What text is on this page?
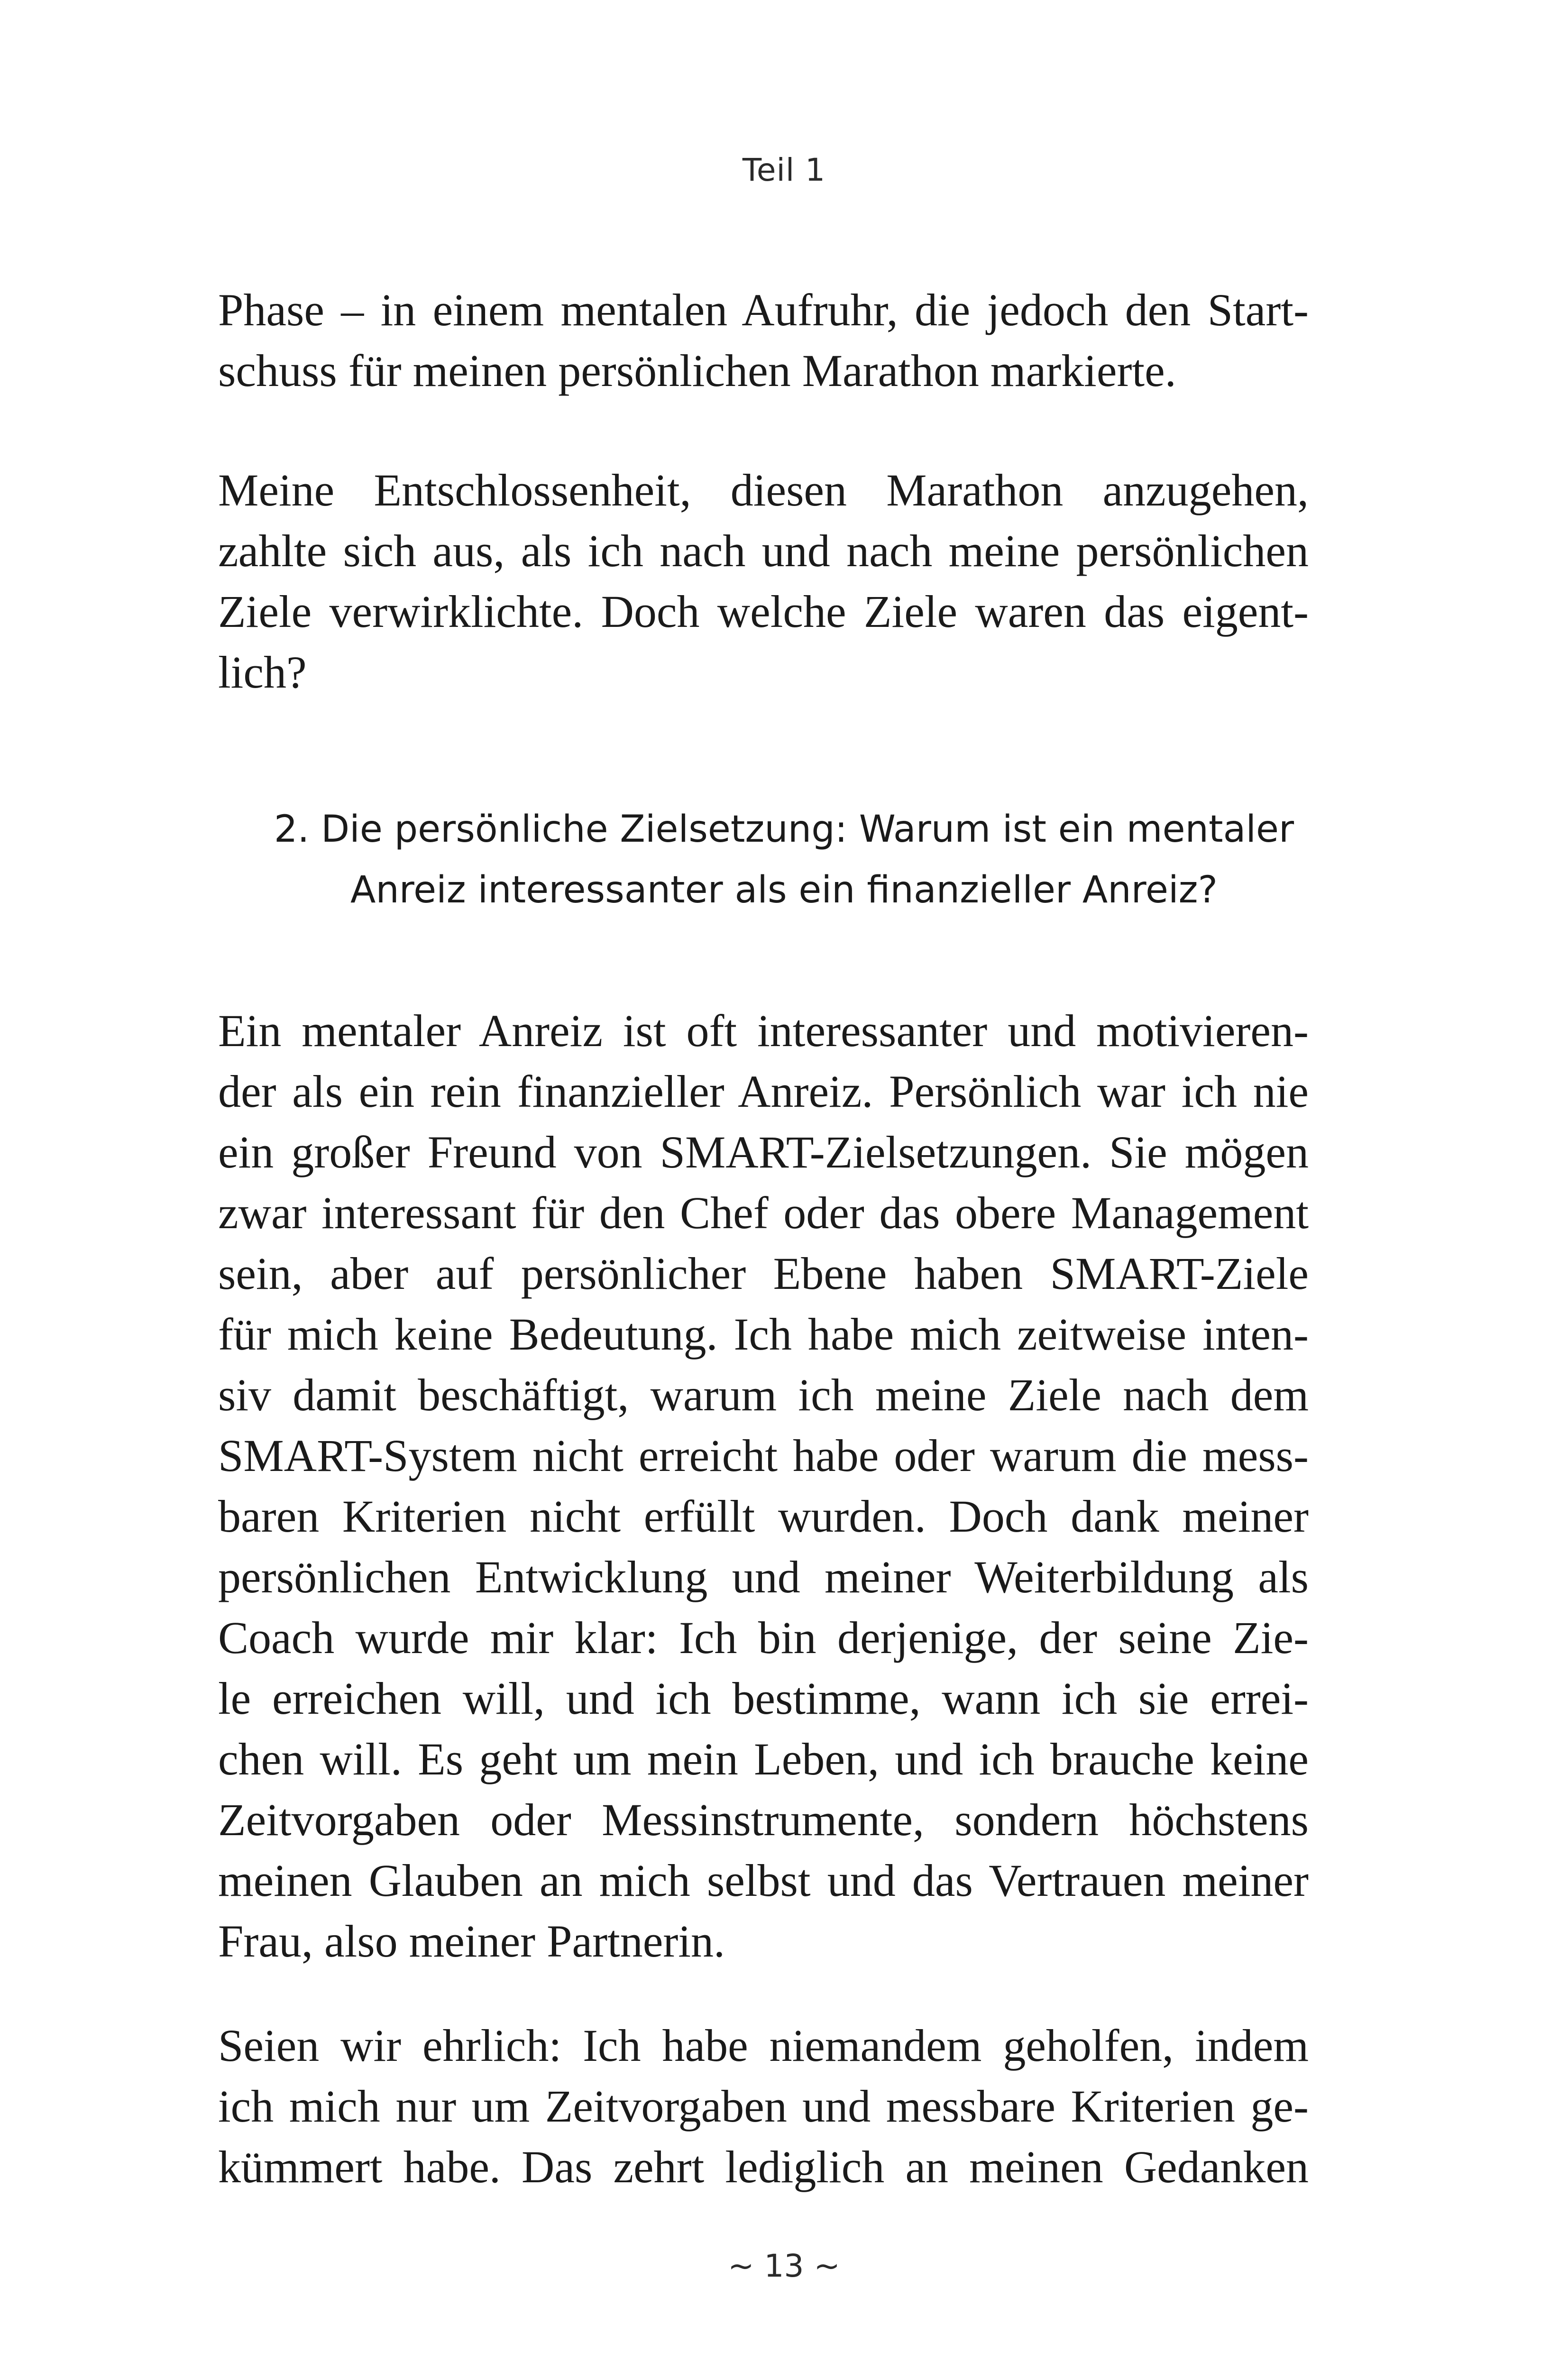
Teil 1
Phase – in einem mentalen Aufruhr, die jedoch den Start-
schuss für meinen persönlichen Marathon markierte.
Meine Entschlossenheit, diesen Marathon anzugehen,
zahlte sich aus, als ich nach und nach meine persönlichen
Ziele verwirklichte. Doch welche Ziele waren das eigent-
lich?
2. Die persönliche Zielsetzung: Warum ist ein mentaler
Anreiz interessanter als ein finanzieller Anreiz?
Ein mentaler Anreiz ist oft interessanter und motivieren-
der als ein rein finanzieller Anreiz. Persönlich war ich nie
ein großer Freund von SMART-Zielsetzungen. Sie mögen
zwar interessant für den Chef oder das obere Management
sein, aber auf persönlicher Ebene haben SMART-Ziele
für mich keine Bedeutung. Ich habe mich zeitweise inten-
siv damit beschäftigt, warum ich meine Ziele nach dem
SMART-System nicht erreicht habe oder warum die mess-
baren Kriterien nicht erfüllt wurden. Doch dank meiner
persönlichen Entwicklung und meiner Weiterbildung als
Coach wurde mir klar: Ich bin derjenige, der seine Zie-
le erreichen will, und ich bestimme, wann ich sie errei-
chen will. Es geht um mein Leben, und ich brauche keine
Zeitvorgaben oder Messinstrumente, sondern höchstens
meinen Glauben an mich selbst und das Vertrauen meiner
Frau, also meiner Partnerin.
Seien wir ehrlich: Ich habe niemandem geholfen, indem
ich mich nur um Zeitvorgaben und messbare Kriterien ge-
kümmert habe. Das zehrt lediglich an meinen Gedanken
~ 13 ~
